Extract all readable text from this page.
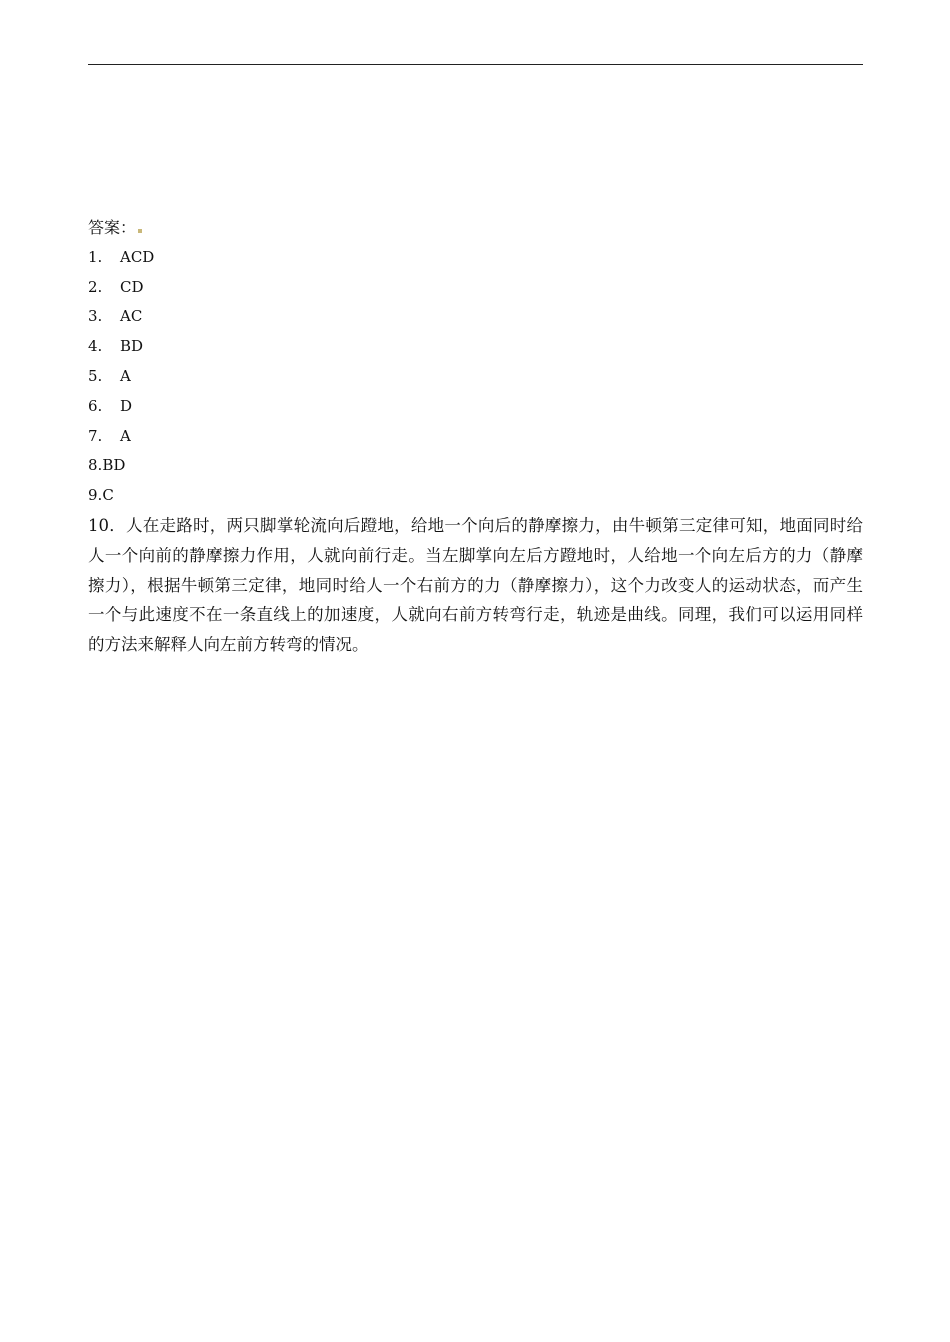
答案：
1. ACD
2. CD
3. AC
4. BD
5. A
6. D
7. A
8.BD
9.C

10．人在走路时，两只脚掌轮流向后蹬地，给地一个向后的静摩擦力，由牛顿第三定律可知，地面同时给人一个向前的静摩擦力作用，人就向前行走。当左脚掌向左后方蹬地时，人给地一个向左后方的力（静摩擦力），根据牛顿第三定律，地同时给人一个右前方的力（静摩擦力），这个力改变人的运动状态，而产生一个与此速度不在一条直线上的加速度，人就向右前方转弯行走，轨迹是曲线。同理，我们可以运用同样的方法来解释人向左前方转弯的情况。
